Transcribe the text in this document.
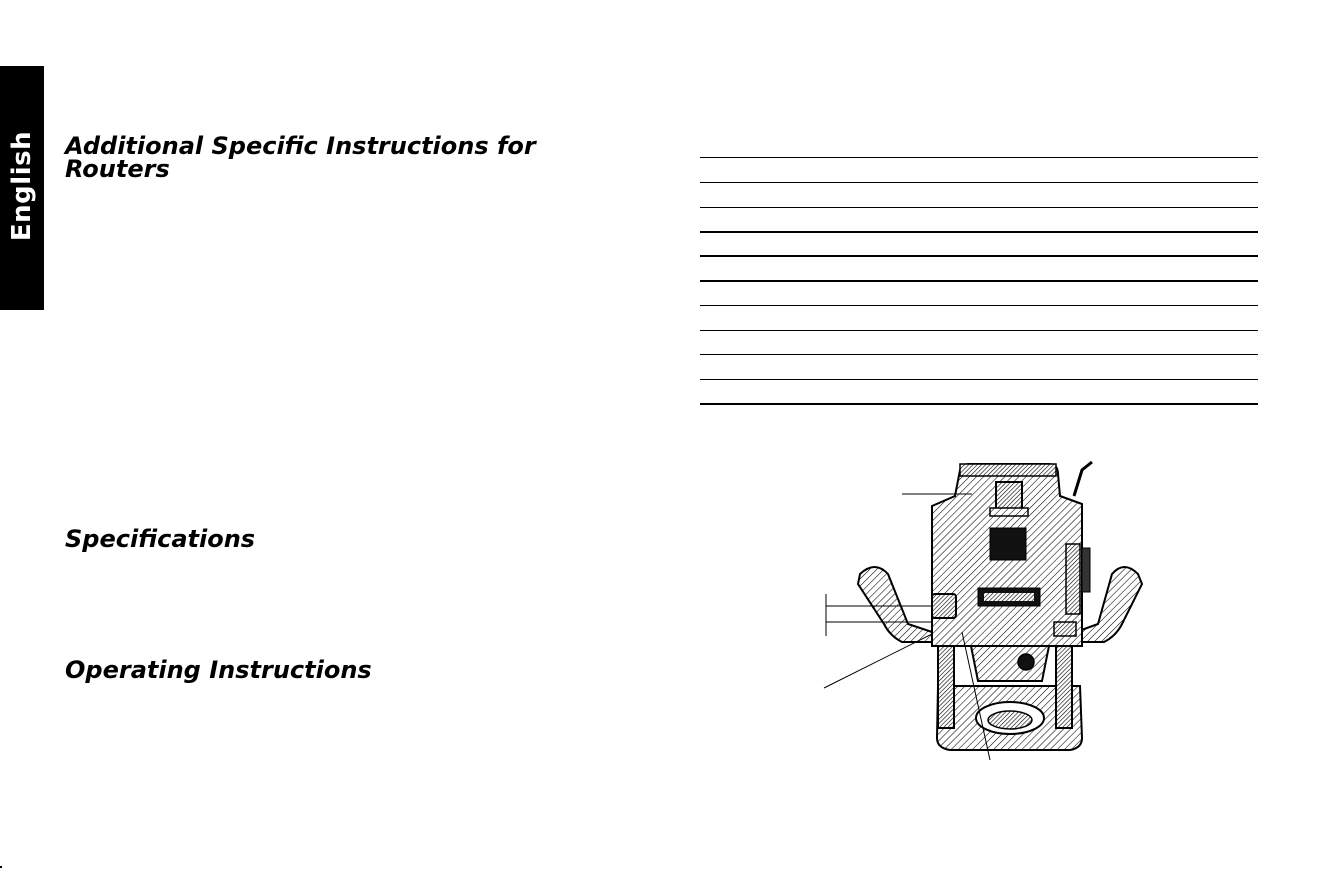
English Additional Specific Instructions for Routers
Specifications
Operating Instructions
